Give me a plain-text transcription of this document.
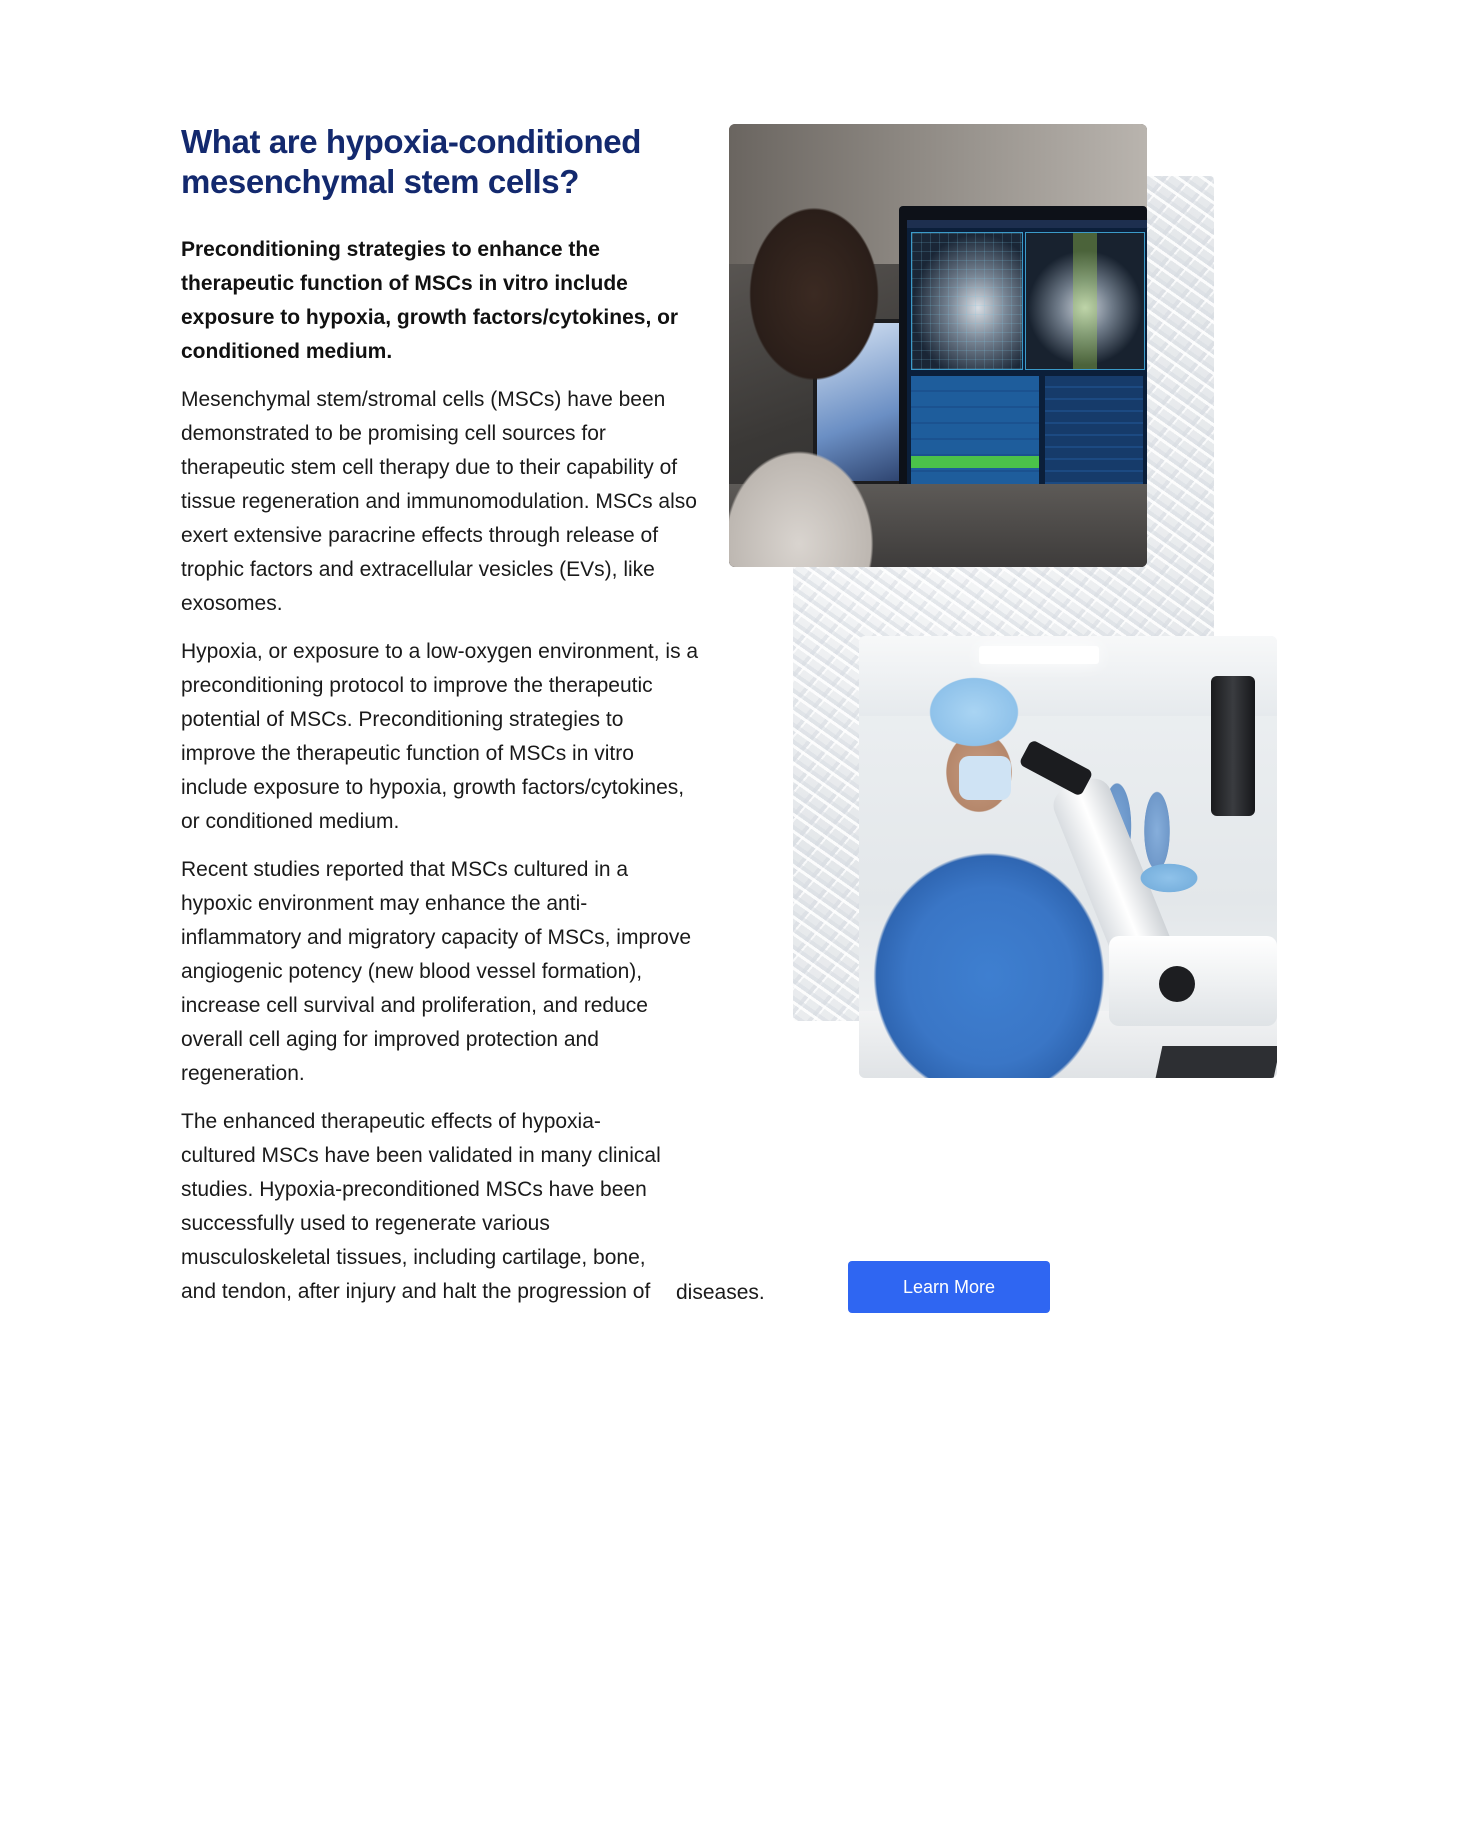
What are hypoxia-conditioned mesenchymal stem cells?

Preconditioning strategies to enhance the therapeutic function of MSCs in vitro include exposure to hypoxia, growth factors/cytokines, or conditioned medium.

Mesenchymal stem/stromal cells (MSCs) have been demonstrated to be promising cell sources for therapeutic stem cell therapy due to their capability of tissue regeneration and immunomodulation. MSCs also exert extensive paracrine effects through release of trophic factors and extracellular vesicles (EVs), like exosomes.

Hypoxia, or exposure to a low-oxygen environment, is a preconditioning protocol to improve the therapeutic potential of MSCs. Preconditioning strategies to improve the therapeutic function of MSCs in vitro include exposure to hypoxia, growth factors/cytokines, or conditioned medium.

Recent studies reported that MSCs cultured in a hypoxic environment may enhance the anti-inflammatory and migratory capacity of MSCs, improve angiogenic potency (new blood vessel formation), increase cell survival and proliferation, and reduce overall cell aging for improved protection and regeneration.

The enhanced therapeutic effects of hypoxia-cultured MSCs have been validated in many clinical studies. Hypoxia-preconditioned MSCs have been successfully used to regenerate various musculoskeletal tissues, including cartilage, bone,
and tendon, after injury and halt the progression of diseases.	Learn More
